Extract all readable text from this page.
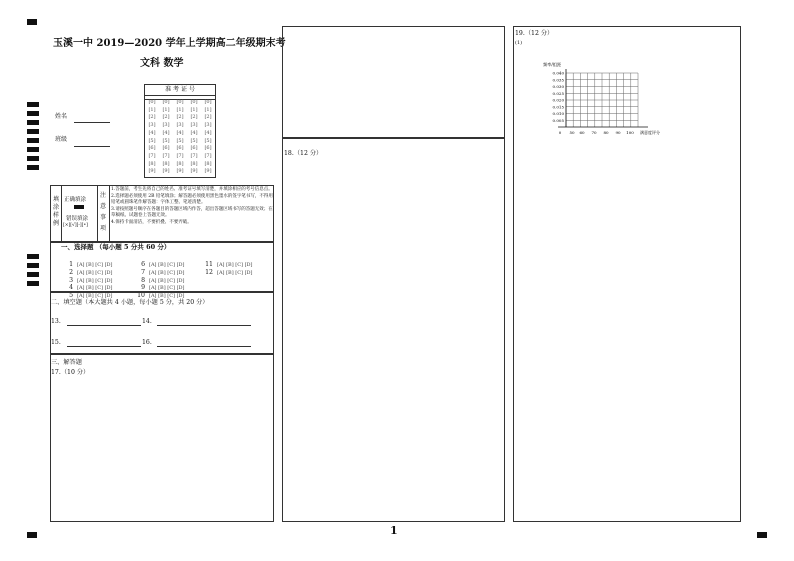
玉溪一中 2019—2020 学年上学期高二年级期末考
文科 数学
姓名
班级
准 考 证 号
[0]
[1]
[2]
[3]
[4]
[5]
[6]
[7]
[8]
[9]
[0]
[1]
[2]
[3]
[4]
[5]
[6]
[7]
[8]
[9]
[0]
[1]
[2]
[3]
[4]
[5]
[6]
[7]
[8]
[9]
[0]
[1]
[2]
[3]
[4]
[5]
[6]
[7]
[8]
[9]
[0]
[1]
[2]
[3]
[4]
[5]
[6]
[7]
[8]
[9]
填涂样例
正确填涂
错误填涂
[×][√][-][•]
注意事项
1.答题前，考生先将自己的姓名、准考证号填写清楚，并填涂相应的考号信息点。
2.选择题必须使用 2B 铅笔填涂；解答题必须使用黑色墨水的签字笔书写，不得用铅笔或圆珠笔作解答题：字体工整、笔迹清楚。
3.请按照题号顺序在各题目的答题区域内作答，超出答题区域书写的答题无效；在草稿纸、试题卷上答题无效。
4.保持卡面清洁，不要折叠、不要弄破。
一、选择题 （每小题 5 分共 60 分）
1 [A] [B] [C] [D]
2 [A] [B] [C] [D]
3 [A] [B] [C] [D]
4 [A] [B] [C] [D]
5 [A] [B] [C] [D]
6 [A] [B] [C] [D]
7 [A] [B] [C] [D]
8 [A] [B] [C] [D]
9 [A] [B] [C] [D]
10 [A] [B] [C] [D]
11 [A] [B] [C] [D]
12 [A] [B] [C] [D]
二、填空题（本大题共 4 小题，每小题 5 分，共 20 分）
13.	14.
15.	16.
三、解答题
17.（10 分）
18.（12 分）
1
19.（12 分）
(1)
频率/组距
0.040
0.035
0.030
0.025
0.020
0.015
0.010
0.005
0 50 60 70 80 90 100 满意度评分
